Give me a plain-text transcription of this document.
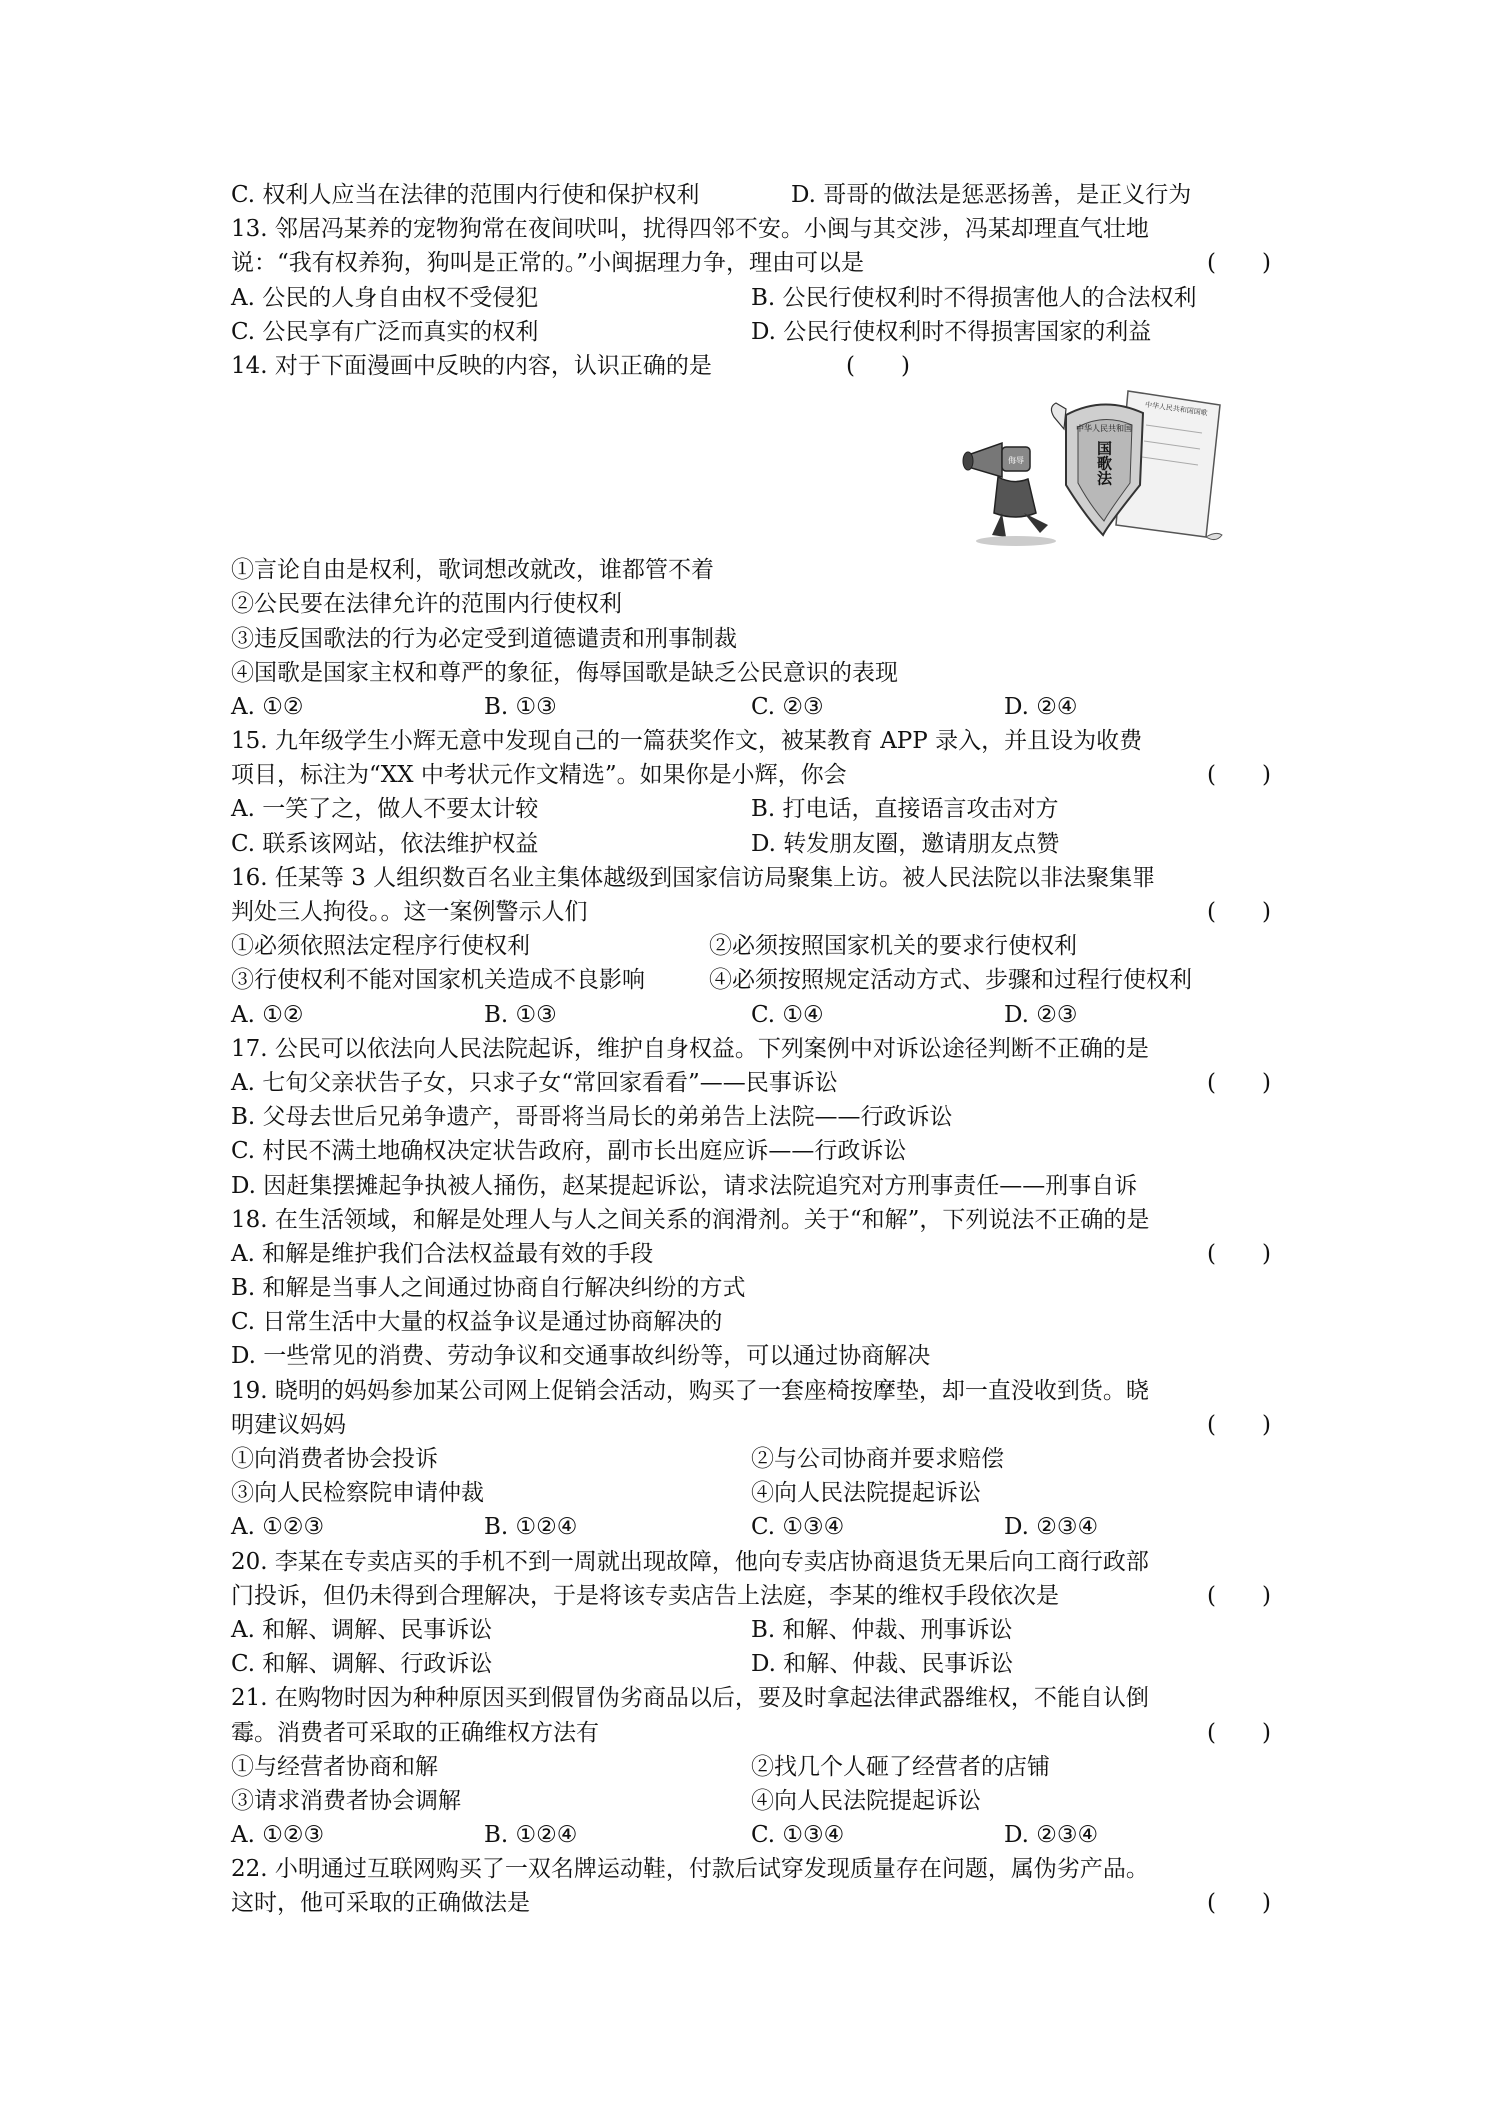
C. 权利人应当在法律的范围内行使和保护权利	D. 哥哥的做法是惩恶扬善，是正义行为
13. 邻居冯某养的宠物狗常在夜间吠叫，扰得四邻不安。小闽与其交涉，冯某却理直气壮地
说：“我有权养狗，狗叫是正常的。”小闽据理力争，理由可以是	(　　)
A. 公民的人身自由权不受侵犯	B. 公民行使权利时不得损害他人的合法权利
C. 公民享有广泛而真实的权利	D. 公民行使权利时不得损害国家的利益
14. 对于下面漫画中反映的内容，认识正确的是	(　　)
中华人民共和国国歌
中华人民共和国
国歌法
侮辱
①言论自由是权利，歌词想改就改，谁都管不着
②公民要在法律允许的范围内行使权利
③违反国歌法的行为必定受到道德谴责和刑事制裁
④国歌是国家主权和尊严的象征，侮辱国歌是缺乏公民意识的表现
A. ①②	B. ①③	C. ②③	D. ②④
15. 九年级学生小辉无意中发现自己的一篇获奖作文，被某教育 APP 录入，并且设为收费
项目，标注为“XX 中考状元作文精选”。如果你是小辉，你会	(　　)
A. 一笑了之，做人不要太计较	B. 打电话，直接语言攻击对方
C. 联系该网站，依法维护权益	D. 转发朋友圈，邀请朋友点赞
16. 任某等 3 人组织数百名业主集体越级到国家信访局聚集上访。被人民法院以非法聚集罪
判处三人拘役。。这一案例警示人们	(　　)
①必须依照法定程序行使权利	②必须按照国家机关的要求行使权利
③行使权利不能对国家机关造成不良影响	④必须按照规定活动方式、步骤和过程行使权利
A. ①②	B. ①③	C. ①④	D. ②③
17. 公民可以依法向人民法院起诉，维护自身权益。下列案例中对诉讼途径判断不正确的是
A. 七旬父亲状告子女，只求子女“常回家看看”——民事诉讼	(　　)
B. 父母去世后兄弟争遗产，哥哥将当局长的弟弟告上法院——行政诉讼
C. 村民不满土地确权决定状告政府，副市长出庭应诉——行政诉讼
D. 因赶集摆摊起争执被人捅伤，赵某提起诉讼，请求法院追究对方刑事责任——刑事自诉
18. 在生活领域，和解是处理人与人之间关系的润滑剂。关于“和解”，下列说法不正确的是
A. 和解是维护我们合法权益最有效的手段	(　　)
B. 和解是当事人之间通过协商自行解决纠纷的方式
C. 日常生活中大量的权益争议是通过协商解决的
D. 一些常见的消费、劳动争议和交通事故纠纷等，可以通过协商解决
19. 晓明的妈妈参加某公司网上促销会活动，购买了一套座椅按摩垫，却一直没收到货。晓
明建议妈妈	(　　)
①向消费者协会投诉	②与公司协商并要求赔偿
③向人民检察院申请仲裁	④向人民法院提起诉讼
A. ①②③	B. ①②④	C. ①③④	D. ②③④
20. 李某在专卖店买的手机不到一周就出现故障，他向专卖店协商退货无果后向工商行政部
门投诉，但仍未得到合理解决，于是将该专卖店告上法庭，李某的维权手段依次是	(　　)
A. 和解、调解、民事诉讼	B. 和解、仲裁、刑事诉讼
C. 和解、调解、行政诉讼	D. 和解、仲裁、民事诉讼
21. 在购物时因为种种原因买到假冒伪劣商品以后，要及时拿起法律武器维权，不能自认倒
霉。消费者可采取的正确维权方法有	(　　)
①与经营者协商和解	②找几个人砸了经营者的店铺
③请求消费者协会调解	④向人民法院提起诉讼
A. ①②③	B. ①②④	C. ①③④	D. ②③④
22. 小明通过互联网购买了一双名牌运动鞋，付款后试穿发现质量存在问题，属伪劣产品。
这时，他可采取的正确做法是	(　　)
